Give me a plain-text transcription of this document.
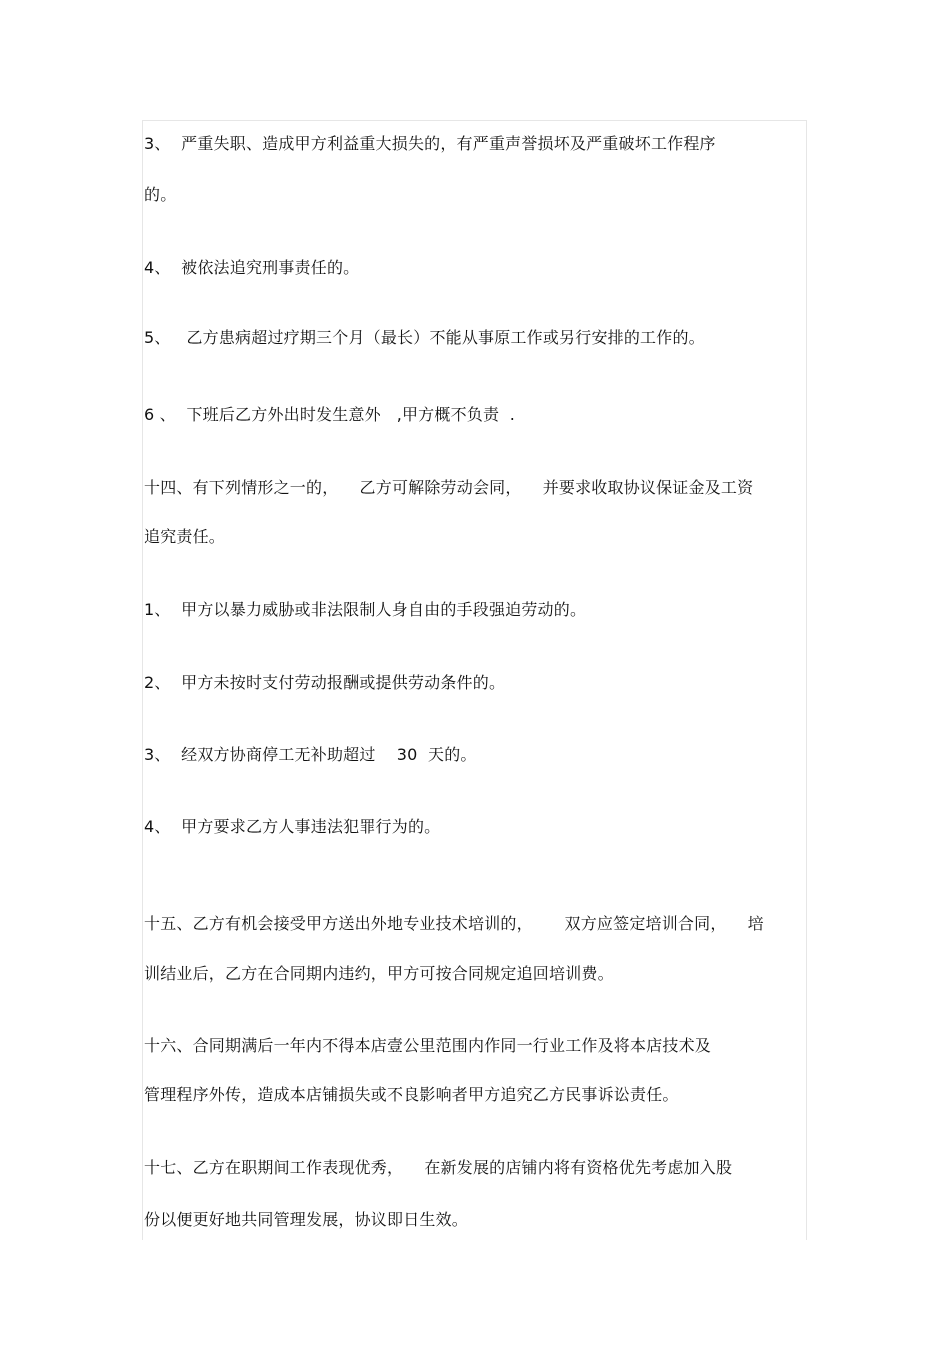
3、  严重失职、造成甲方利益重大损失的，有严重声誉损坏及严重破坏工作程序
的。
4、  被依法追究刑事责任的。
5、   乙方患病超过疗期三个月（最长）不能从事原工作或另行安排的工作的。
6 、  下班后乙方外出时发生意外   ,甲方概不负责  .
十四、有下列情形之一的，    乙方可解除劳动会同，    并要求收取协议保证金及工资
追究责任。
1、  甲方以暴力威胁或非法限制人身自由的手段强迫劳动的。
2、  甲方未按时支付劳动报酬或提供劳动条件的。
3、  经双方协商停工无补助超过    30  天的。
4、  甲方要求乙方人事违法犯罪行为的。
十五、乙方有机会接受甲方送出外地专业技术培训的，      双方应签定培训合同，    培
训结业后，乙方在合同期内违约，甲方可按合同规定追回培训费。
十六、合同期满后一年内不得本店壹公里范围内作同一行业工作及将本店技术及
管理程序外传，造成本店铺损失或不良影响者甲方追究乙方民事诉讼责任。
十七、乙方在职期间工作表现优秀，    在新发展的店铺内将有资格优先考虑加入股
份以便更好地共同管理发展，协议即日生效。
